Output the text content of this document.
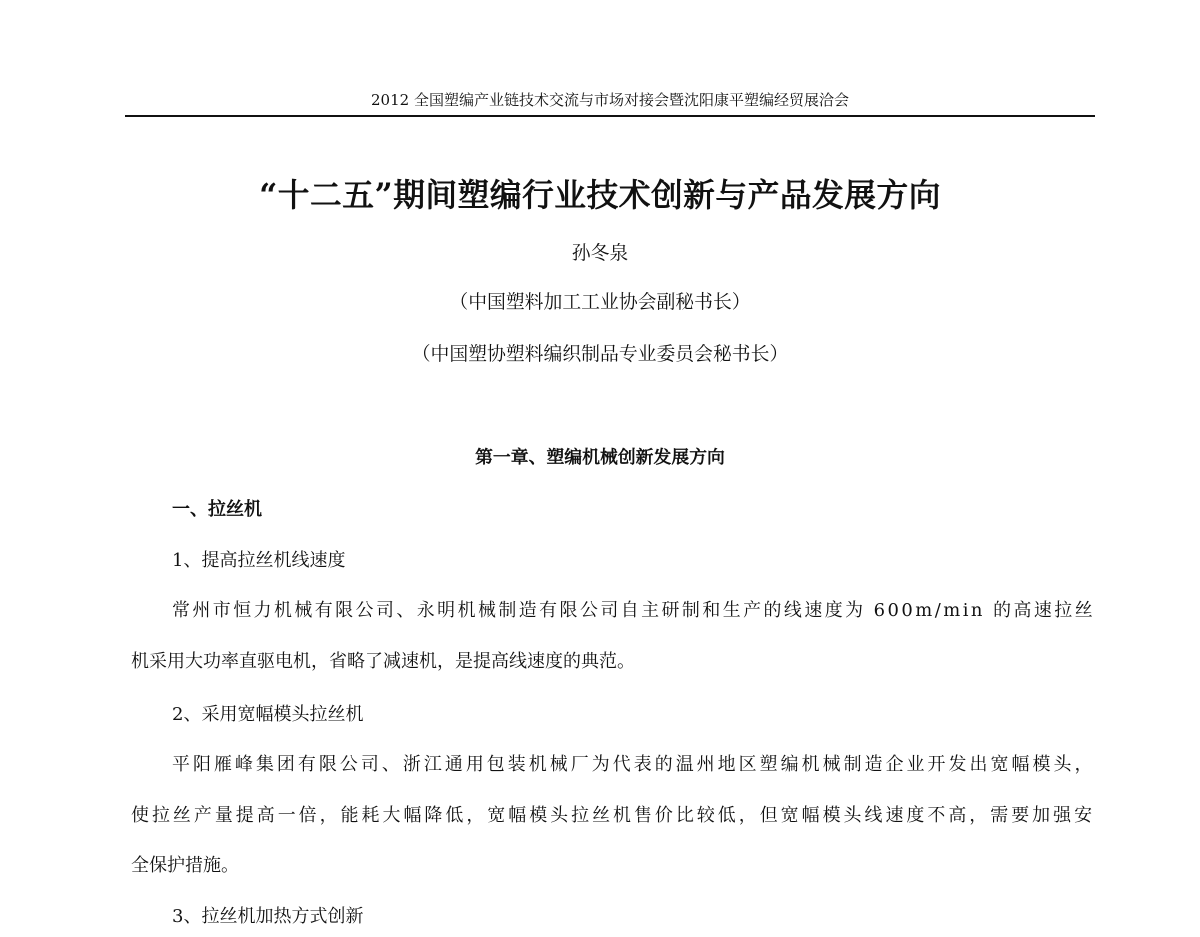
2012 全国塑编产业链技术交流与市场对接会暨沈阳康平塑编经贸展洽会
“十二五”期间塑编行业技术创新与产品发展方向
孙冬泉
（中国塑料加工工业协会副秘书长）
（中国塑协塑料编织制品专业委员会秘书长）
第一章、塑编机械创新发展方向
一、拉丝机
1、提高拉丝机线速度
常州市恒力机械有限公司、永明机械制造有限公司自主研制和生产的线速度为 600m/min 的高速拉丝
机采用大功率直驱电机，省略了减速机，是提高线速度的典范。
2、采用宽幅模头拉丝机
平阳雁峰集团有限公司、浙江通用包装机械厂为代表的温州地区塑编机械制造企业开发出宽幅模头，
使拉丝产量提高一倍，能耗大幅降低，宽幅模头拉丝机售价比较低，但宽幅模头线速度不高，需要加强安
全保护措施。
3、拉丝机加热方式创新
